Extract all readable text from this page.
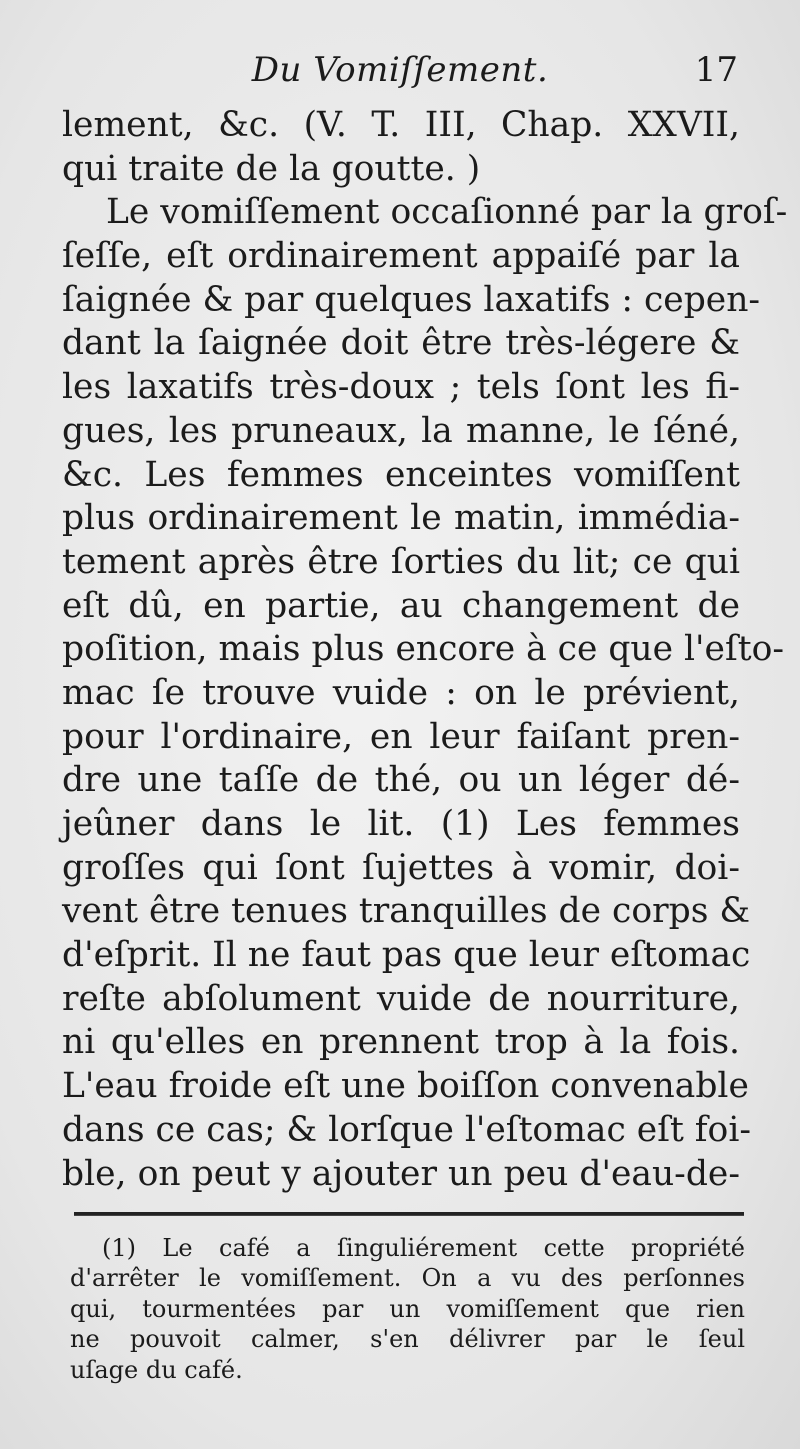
Du Vomiſſement.	17
lement, &c. (V. T. III, Chap. XXVII,
qui traite de la goutte. )
Le vomiſſement occaſionné par la groſ-
ſeſſe, eſt ordinairement appaiſé par la
ſaignée & par quelques laxatifs : cepen-
dant la ſaignée doit être très-légere &
les laxatifs très-doux ; tels ſont les fi-
gues, les pruneaux, la manne, le ſéné,
&c. Les femmes enceintes vomiſſent
plus ordinairement le matin, immédia-
tement après être ſorties du lit; ce qui
eſt dû, en partie, au changement de
poſition, mais plus encore à ce que l'eſto-
mac ſe trouve vuide : on le prévient,
pour l'ordinaire, en leur faiſant pren-
dre une taſſe de thé, ou un léger dé-
jeûner dans le lit. (1) Les femmes
groſſes qui ſont ſujettes à vomir, doi-
vent être tenues tranquilles de corps &
d'eſprit. Il ne faut pas que leur eſtomac
reſte abſolument vuide de nourriture,
ni qu'elles en prennent trop à la fois.
L'eau froide eſt une boiſſon convenable
dans ce cas; & lorſque l'eſtomac eſt foi-
ble, on peut y ajouter un peu d'eau-de-
(1) Le café a ſinguliérement cette propriété
d'arrêter le vomiſſement. On a vu des perſonnes
qui, tourmentées par un vomiſſement que rien
ne pouvoit calmer, s'en délivrer par le ſeul
uſage du café.
